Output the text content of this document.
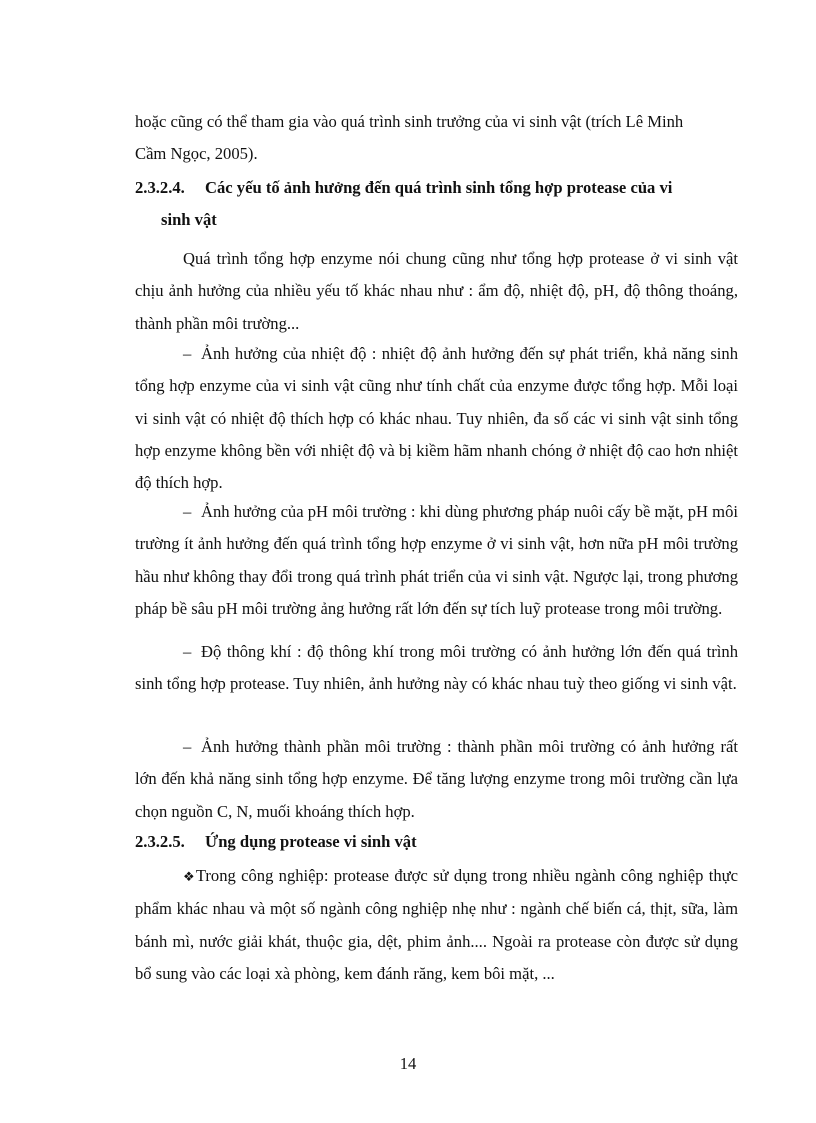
hoặc cũng có thể tham gia vào quá trình sinh trưởng của vi sinh vật (trích Lê Minh
Cầm Ngọc, 2005).
2.3.2.4. Các yếu tố ảnh hưởng đến quá trình sinh tổng hợp protease của vi
sinh vật
Quá trình tổng hợp enzyme nói chung cũng như tổng hợp protease ở vi sinh vật chịu ảnh hưởng của nhiều yếu tố khác nhau như : ẩm độ, nhiệt độ, pH, độ thông thoáng, thành phần môi trường...
– Ảnh hưởng của nhiệt độ : nhiệt độ ảnh hưởng đến sự phát triển, khả năng sinh tổng hợp enzyme của vi sinh vật cũng như tính chất của enzyme được tổng hợp. Mỗi loại vi sinh vật có nhiệt độ thích hợp có khác nhau. Tuy nhiên, đa số các vi sinh vật sinh tổng hợp enzyme không bền với nhiệt độ và bị kiềm hãm nhanh chóng ở nhiệt độ cao hơn nhiệt độ thích hợp.
– Ảnh hưởng của pH môi trường : khi dùng phương pháp nuôi cấy bề mặt, pH môi trường ít ảnh hưởng đến quá trình tổng hợp enzyme ở vi sinh vật, hơn nữa pH môi trường hầu như không thay đổi trong quá trình phát triển của vi sinh vật. Ngược lại, trong phương pháp bề sâu pH môi trường ảng hưởng rất lớn đến sự tích luỹ protease trong môi trường.
– Độ thông khí : độ thông khí trong môi trường có ảnh hưởng lớn đến quá trình sinh tổng hợp protease. Tuy nhiên, ảnh hưởng này có khác nhau tuỳ theo giống vi sinh vật.
– Ảnh hưởng thành phần môi trường : thành phần môi trường có ảnh hưởng rất lớn đến khả năng sinh tổng hợp enzyme. Để tăng lượng enzyme trong môi trường cần lựa chọn nguồn C, N, muối khoáng thích hợp.
2.3.2.5. Ứng dụng protease vi sinh vật
❖Trong công nghiệp: protease được sử dụng trong nhiều ngành công nghiệp thực phẩm khác nhau và một số ngành công nghiệp nhẹ như : ngành chế biến cá, thịt, sữa, làm bánh mì, nước giải khát, thuộc gia, dệt, phim ảnh.... Ngoài ra protease còn được sử dụng bổ sung vào các loại xà phòng, kem đánh răng, kem bôi mặt, ...
14
